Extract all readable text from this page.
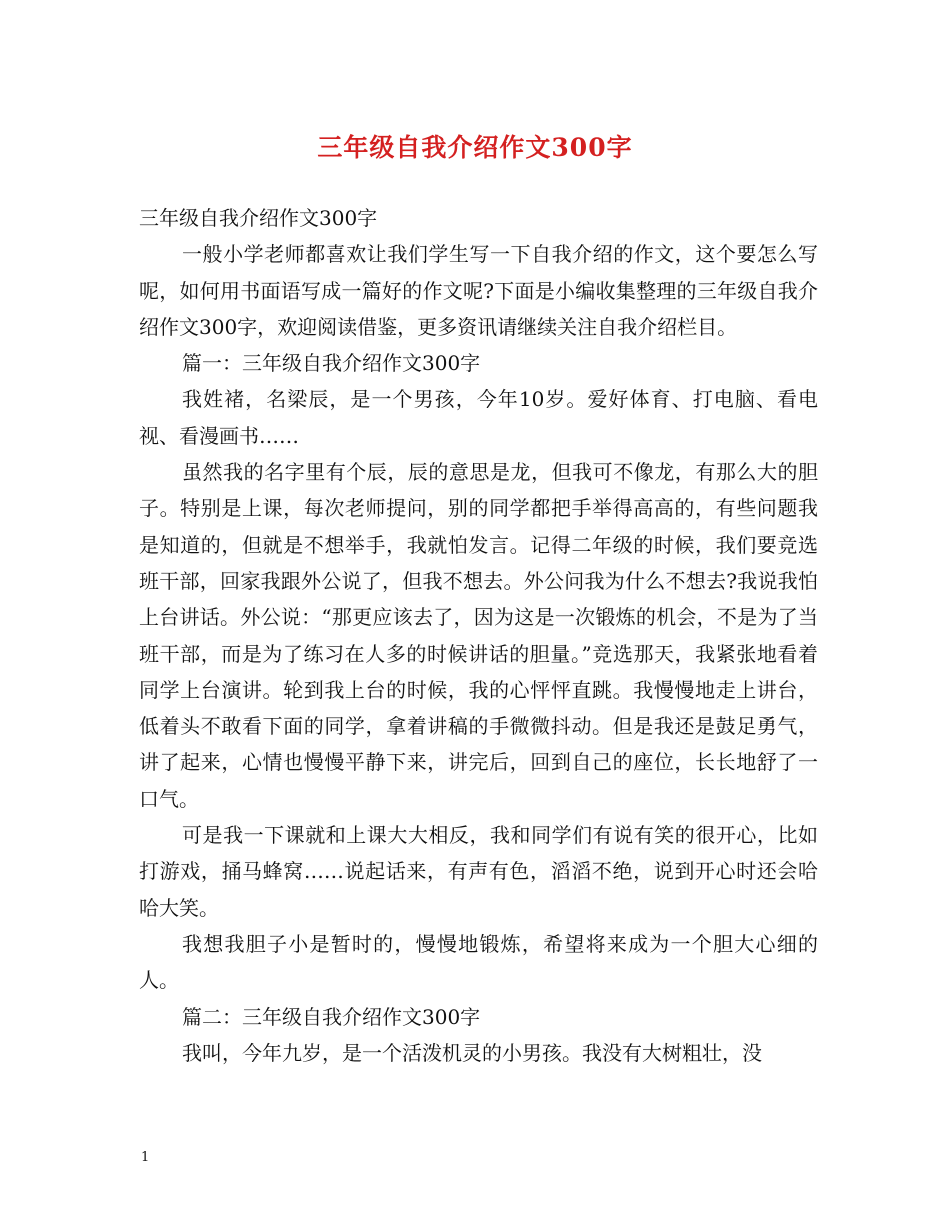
三年级自我介绍作文300字

三年级自我介绍作文300字

一般小学老师都喜欢让我们学生写一下自我介绍的作文，这个要怎么写呢，如何用书面语写成一篇好的作文呢?下面是小编收集整理的三年级自我介绍作文300字，欢迎阅读借鉴，更多资讯请继续关注自我介绍栏目。

篇一：三年级自我介绍作文300字

我姓褚，名梁辰，是一个男孩，今年10岁。爱好体育、打电脑、看电视、看漫画书……

虽然我的名字里有个辰，辰的意思是龙，但我可不像龙，有那么大的胆子。特别是上课，每次老师提问，别的同学都把手举得高高的，有些问题我是知道的，但就是不想举手，我就怕发言。记得二年级的时候，我们要竞选班干部，回家我跟外公说了，但我不想去。外公问我为什么不想去?我说我怕上台讲话。外公说：“那更应该去了，因为这是一次锻炼的机会，不是为了当班干部，而是为了练习在人多的时候讲话的胆量。”竞选那天，我紧张地看着同学上台演讲。轮到我上台的时候，我的心怦怦直跳。我慢慢地走上讲台，低着头不敢看下面的同学，拿着讲稿的手微微抖动。但是我还是鼓足勇气，讲了起来，心情也慢慢平静下来，讲完后，回到自己的座位，长长地舒了一口气。

可是我一下课就和上课大大相反，我和同学们有说有笑的很开心，比如打游戏，捅马蜂窝……说起话来，有声有色，滔滔不绝，说到开心时还会哈哈大笑。

我想我胆子小是暂时的，慢慢地锻炼，希望将来成为一个胆大心细的人。

篇二：三年级自我介绍作文300字

我叫，今年九岁，是一个活泼机灵的小男孩。我没有大树粗壮，没

1
